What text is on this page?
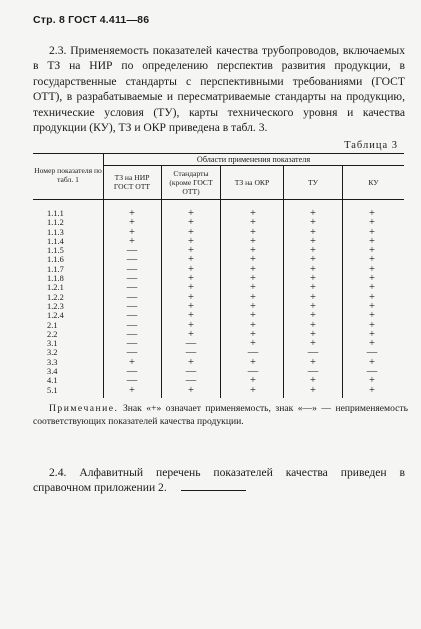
Стр. 8 ГОСТ 4.411—86

2.3. Применяемость показателей качества трубопроводов, включаемых в ТЗ на НИР по определению перспектив развития продукции, в государственные стандарты с перспективными требованиями (ГОСТ ОТТ), в разрабатываемые и пересматриваемые стандарты на продукцию, технические условия (ТУ), карты технического уровня и качества продукции (КУ), ТЗ и ОКР приведена в табл. 3.

Таблица 3
Номер показателя по табл. 1
Области применения показателя
ТЗ на НИР ГОСТ ОТТ
Стандарты (кроме ГОСТ ОТТ)
ТЗ на ОКР	ТУ	КУ
1.1.1
1.1.2
1.1.3
1.1.4
1.1.5
1.1.6
1.1.7
1.1.8
1.2.1
1.2.2
1.2.3
1.2.4
2.1
2.2
3.1
3.2
3.3
3.4
4.1
5.1
+
+
+
+
—
—
—
—
—
—
—
—
—
—
—
—
+
—
—
+
+
+
+
+
+
+
+
+
+
+
+
+
+
+
—
—
+
—
—
+
+
+
+
+
+
+
+
+
+
+
+
+
+
+
+
—
+
—
+
+
+
+
+
+
+
+
+
+
+
+
+
+
+
+
+
—
+
—
+
+
+
+
+
+
+
+
+
+
+
+
+
+
+
+
+
—
+
—
+
+

Примечание. Знак «+» означает применяемость, знак «—» — неприменяемость соответствующих показателей качества продукции.

2.4. Алфавитный перечень показателей качества приведен в справочном приложении 2.
